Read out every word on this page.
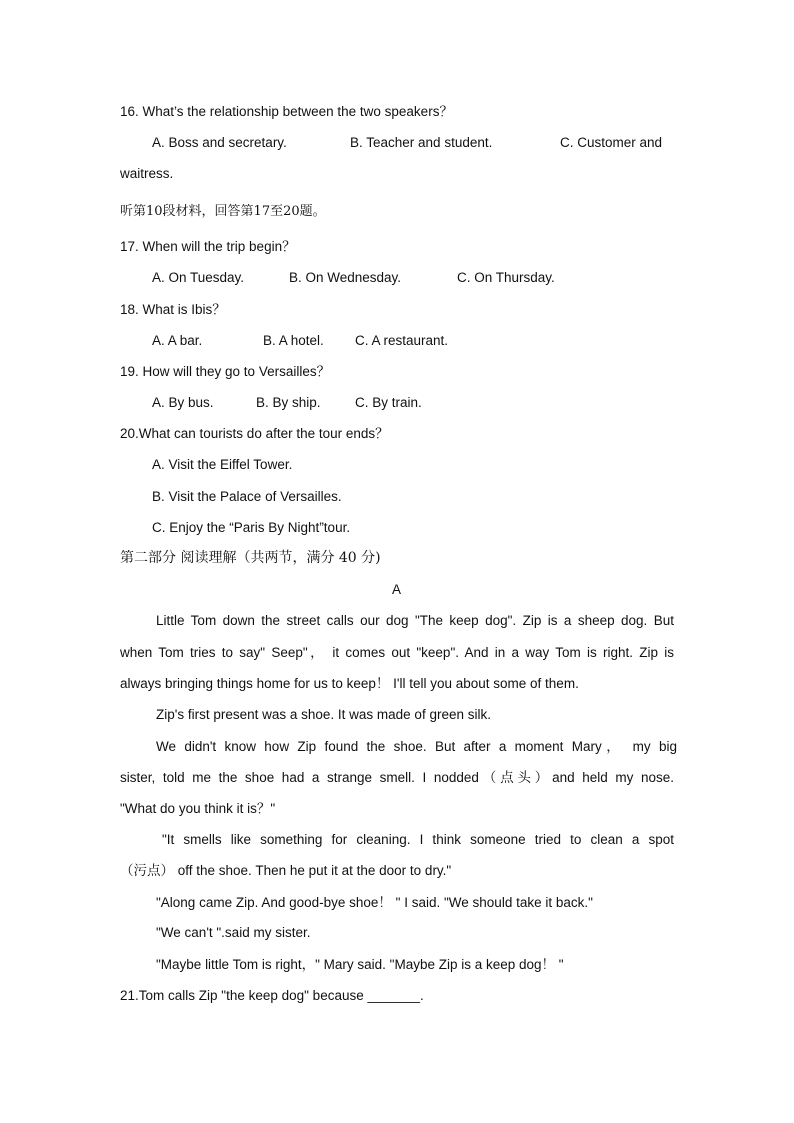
16. What’s the relationship between the two speakers？
A. Boss and secretary.	B. Teacher and student.	C. Customer and
waitress.
听第10段材料，回答第17至20题。
17. When will the trip begin？
A. On Tuesday.	B. On Wednesday.	C. On Thursday.
18. What is Ibis？
A. A bar.	B. A hotel. C. A restaurant.
19. How will they go to Versailles？
A. By bus.	B. By ship.	C. By train.
20.What can tourists do after the tour ends？
A. Visit the Eiffel Tower.
B. Visit the Palace of Versailles.
C. Enjoy the “Paris By Night”tour.
第二部分 阅读理解（共两节，满分 40 分)
A
Little Tom down the street calls our dog "The keep dog". Zip is a sheep dog. But
when Tom tries to say" Seep"， it comes out "keep". And in a way Tom is right. Zip is
always bringing things home for us to keep！ I'll tell you about some of them.
Zip's first present was a shoe. It was made of green silk.
We didn't know how Zip found the shoe. But after a moment Mary， my big
sister, told me the shoe had a strange smell. I nodded（点头）and held my nose.
"What do you think it is？"
"It smells like something for cleaning. I think someone tried to clean a spot
（污点） off the shoe. Then he put it at the door to dry."
"Along came Zip. And good-bye shoe！ " I said. "We should take it back."
"We can't ".said my sister.
"Maybe little Tom is right，" Mary said. "Maybe Zip is a keep dog！ "
21.Tom calls Zip "the keep dog" because _______.
